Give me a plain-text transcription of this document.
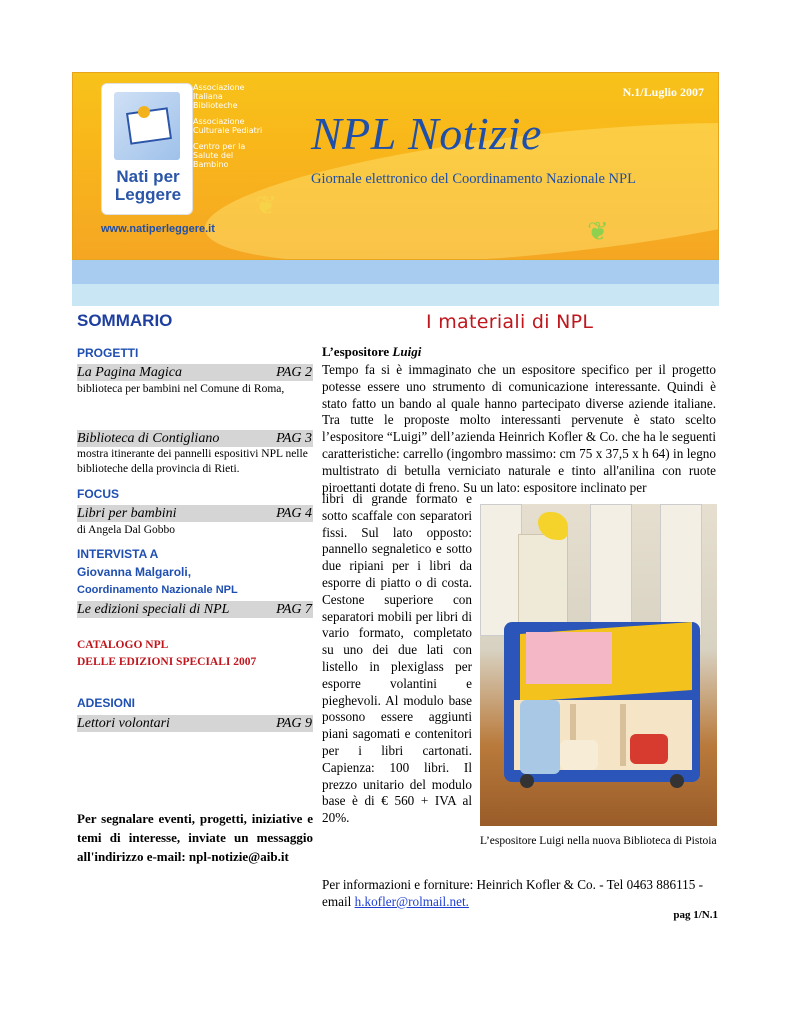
Nati per Leggere

Associazione Italiana Biblioteche

Associazione Culturale Pediatri

Centro per la Salute del Bambino

N.1/Luglio 2007
NPL Notizie
Giornale elettronico del Coordinamento Nazionale NPL
www.natiperleggere.it
❦
❦
SOMMARIO
PROGETTI
La Pagina Magica	PAG 2
biblioteca per bambini nel Comune di Roma,
Biblioteca di Contigliano	PAG 3
mostra itinerante dei pannelli espositivi NPL nelle biblioteche della provincia di Rieti.
FOCUS
Libri per bambini	PAG 4
di Angela Dal Gobbo
INTERVISTA A
Giovanna Malgaroli,
Coordinamento Nazionale NPL
Le edizioni speciali di NPL	PAG 7
CATALOGO NPL
DELLE EDIZIONI SPECIALI 2007
ADESIONI
Lettori volontari	PAG 9
Per segnalare eventi, progetti, iniziative e temi di interesse, inviate un messaggio all'indirizzo e-mail: npl-notizie@aib.it
I materiali di NPL
L’espositore Luigi
Tempo fa si è immaginato che un espositore specifico per il progetto potesse essere uno strumento di comunicazione interessante. Quindi è stato fatto un bando al quale hanno partecipato diverse aziende italiane. Tra tutte le proposte molto interessanti pervenute è stato scelto l’espositore “Luigi” dell’azienda Heinrich Kofler & Co. che ha le seguenti caratteristiche: carrello (ingombro massimo: cm 75 x 37,5 x h 64) in legno multistrato di betulla verniciato naturale e tinto all'anilina con ruote piroettanti dotate di freno. Su un lato: espositore inclinato per
libri di grande formato e sotto scaffale con separatori fissi. Sul lato opposto: pannello segnaletico e sotto due ripiani per i libri da esporre di piatto o di costa. Cestone superiore con separatori mobili per libri di vario formato, completato su uno dei due lati con listello in plexiglass per esporre volantini e pieghevoli. Al modulo base possono essere aggiunti piani sagomati e contenitori per i libri cartonati. Capienza: 100 libri. Il prezzo unitario del modulo base è di € 560 + IVA al 20%.
L’espositore Luigi nella nuova Biblioteca di Pistoia
Per informazioni e forniture: Heinrich Kofler & Co. - Tel 0463 886115 - email h.kofler@rolmail.net.
pag 1/N.1
